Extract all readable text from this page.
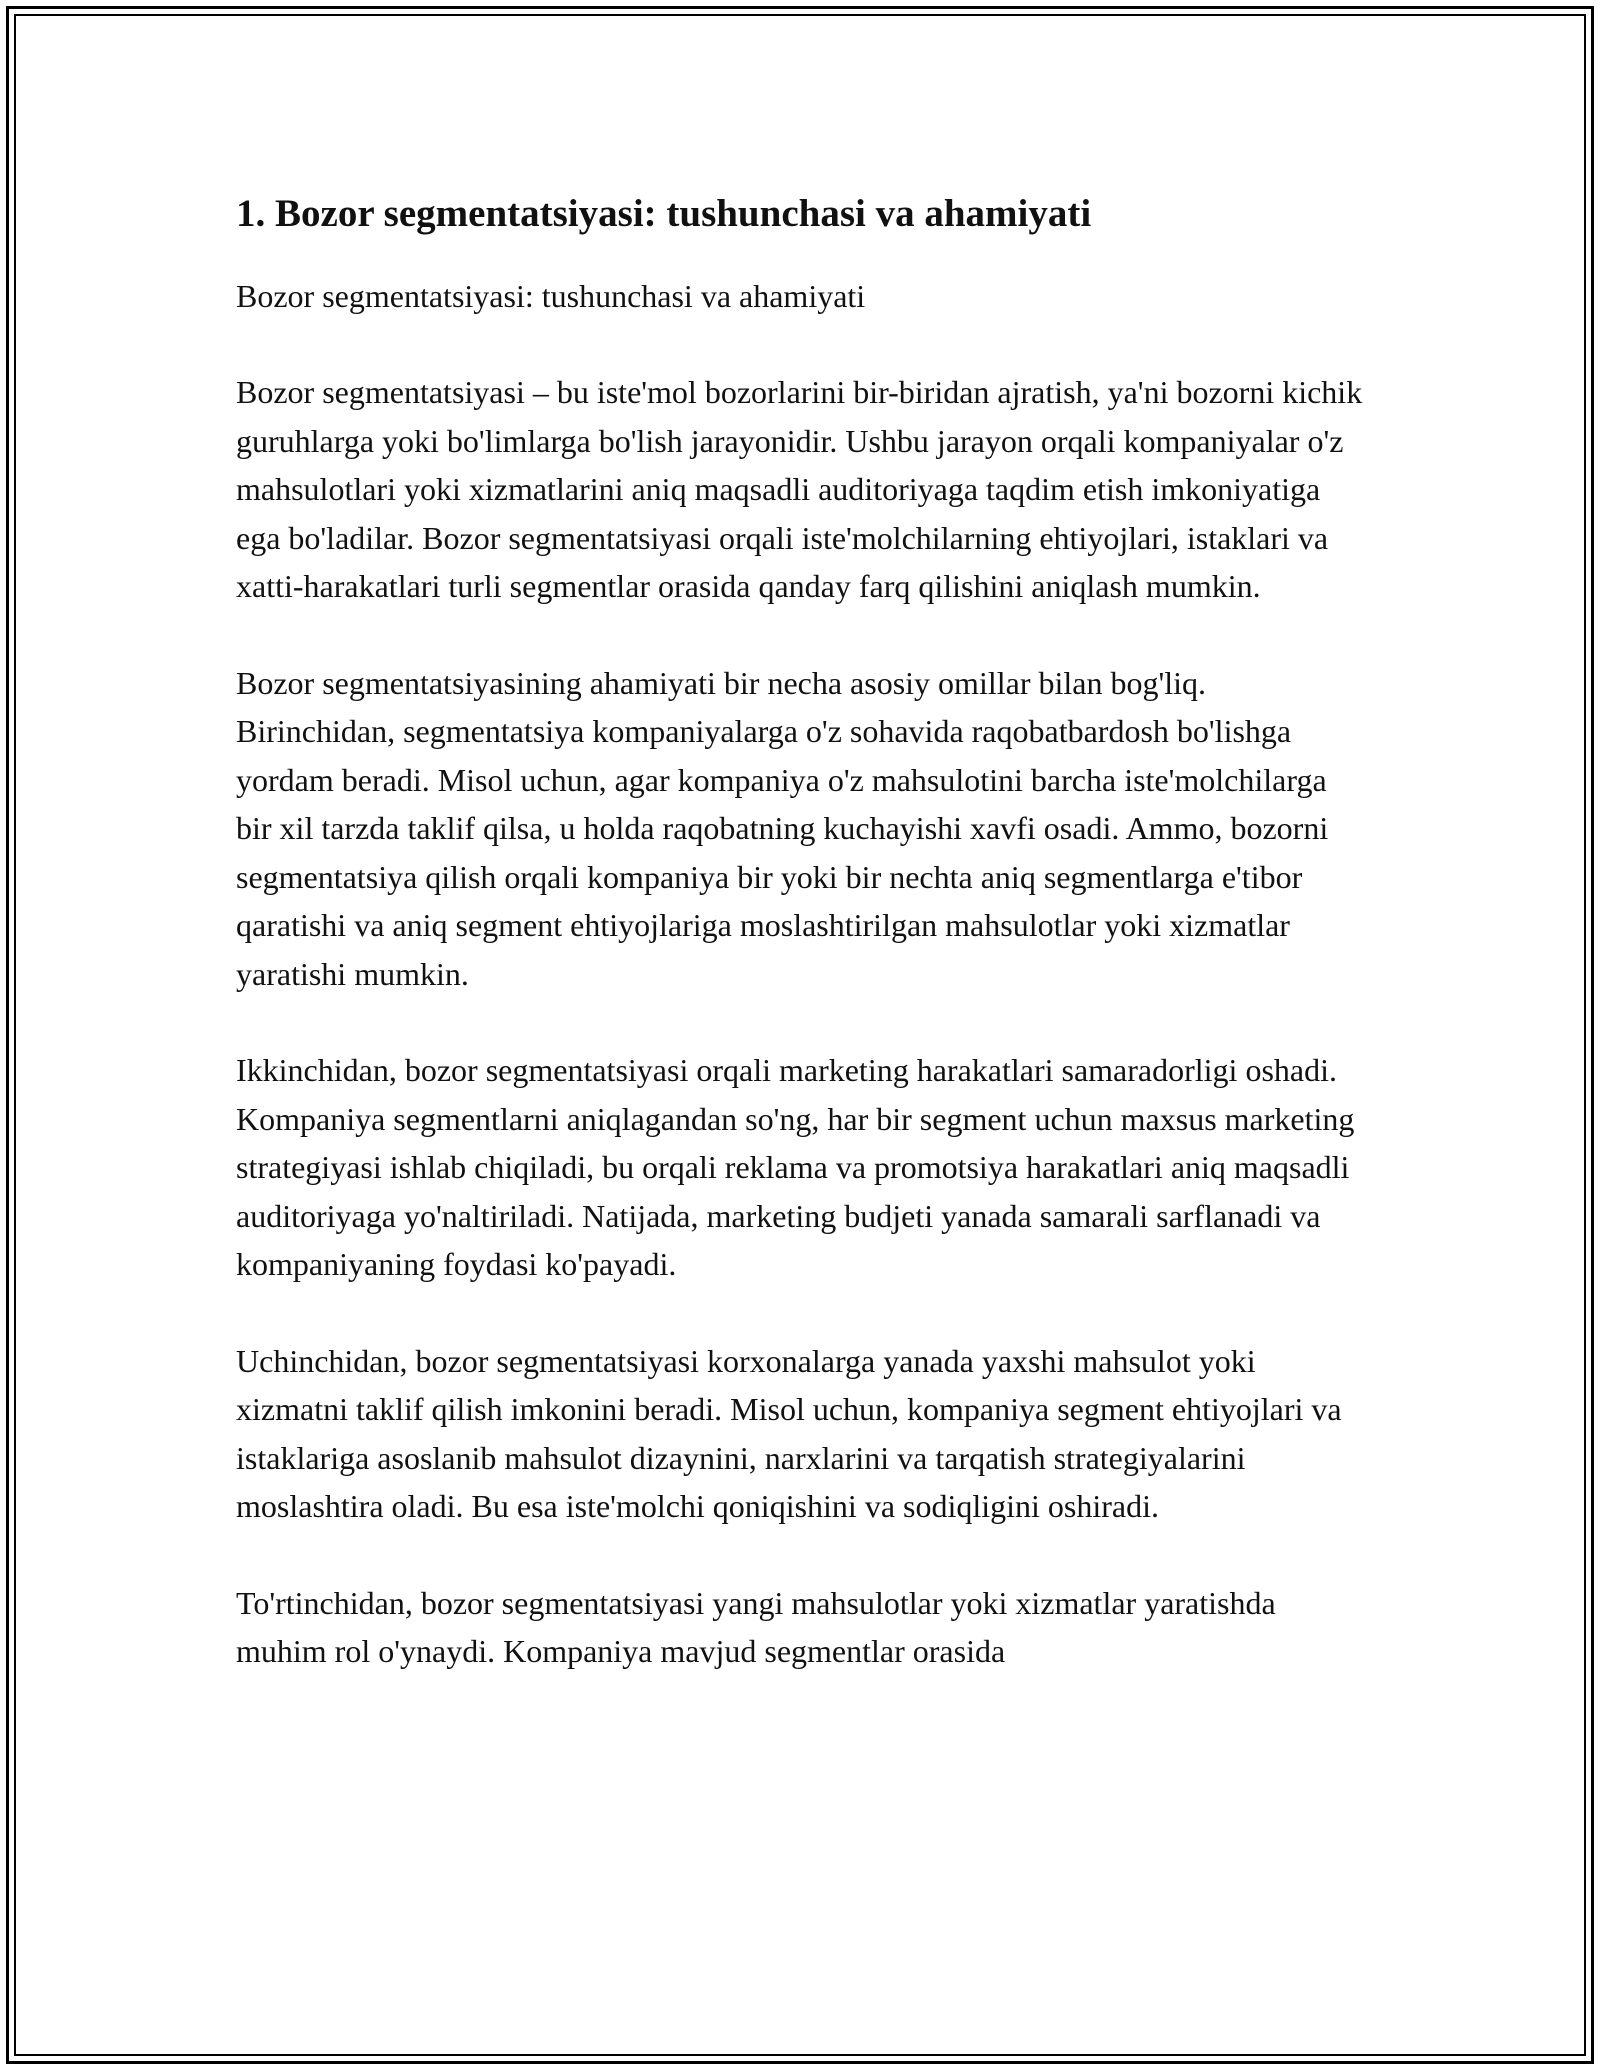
1. Bozor segmentatsiyasi: tushunchasi va ahamiyati

Bozor segmentatsiyasi: tushunchasi va ahamiyati

Bozor segmentatsiyasi – bu iste'mol bozorlarini bir-biridan ajratish, ya'ni bozorni kichik guruhlarga yoki bo'limlarga bo'lish jarayonidir. Ushbu jarayon orqali kompaniyalar o'z mahsulotlari yoki xizmatlarini aniq maqsadli auditoriyaga taqdim etish imkoniyatiga ega bo'ladilar. Bozor segmentatsiyasi orqali iste'molchilarning ehtiyojlari, istaklari va xatti-harakatlari turli segmentlar orasida qanday farq qilishini aniqlash mumkin.

Bozor segmentatsiyasining ahamiyati bir necha asosiy omillar bilan bog'liq. Birinchidan, segmentatsiya kompaniyalarga o'z sohavida raqobatbardosh bo'lishga yordam beradi. Misol uchun, agar kompaniya o'z mahsulotini barcha iste'molchilarga bir xil tarzda taklif qilsa, u holda raqobatning kuchayishi xavfi osadi. Ammo, bozorni segmentatsiya qilish orqali kompaniya bir yoki bir nechta aniq segmentlarga e'tibor qaratishi va aniq segment ehtiyojlariga moslashtirilgan mahsulotlar yoki xizmatlar yaratishi mumkin.

Ikkinchidan, bozor segmentatsiyasi orqali marketing harakatlari samaradorligi oshadi. Kompaniya segmentlarni aniqlagandan so'ng, har bir segment uchun maxsus marketing strategiyasi ishlab chiqiladi, bu orqali reklama va promotsiya harakatlari aniq maqsadli auditoriyaga yo'naltiriladi. Natijada, marketing budjeti yanada samarali sarflanadi va kompaniyaning foydasi ko'payadi.

Uchinchidan, bozor segmentatsiyasi korxonalarga yanada yaxshi mahsulot yoki xizmatni taklif qilish imkonini beradi. Misol uchun, kompaniya segment ehtiyojlari va istaklariga asoslanib mahsulot dizaynini, narxlarini va tarqatish strategiyalarini moslashtira oladi. Bu esa iste'molchi qoniqishini va sodiqligini oshiradi.

To'rtinchidan, bozor segmentatsiyasi yangi mahsulotlar yoki xizmatlar yaratishda muhim rol o'ynaydi. Kompaniya mavjud segmentlar orasida
